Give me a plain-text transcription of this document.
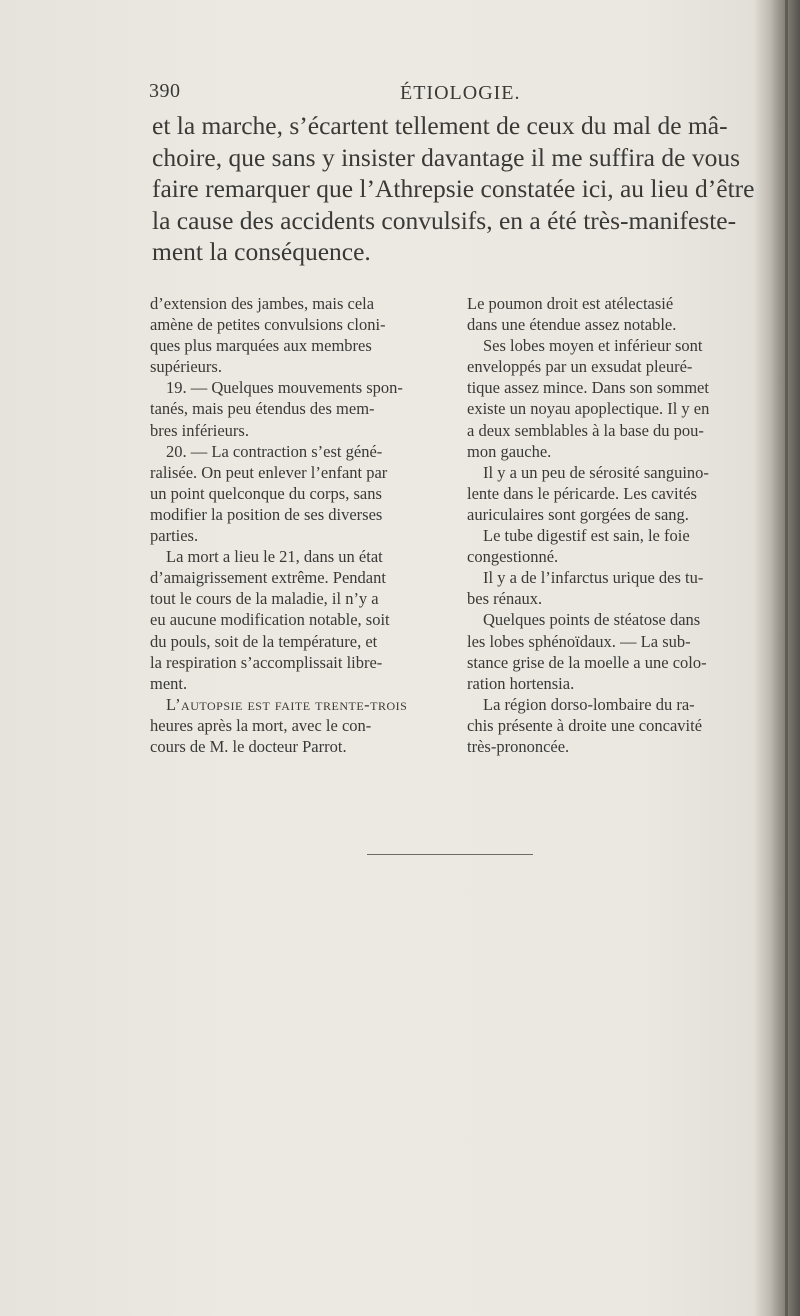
390	ÉTIOLOGIE.

et la marche, s’écartent tellement de ceux du mal de mâ-
choire, que sans y insister davantage il me suffira de vous
faire remarquer que l’Athrepsie constatée ici, au lieu d’être
la cause des accidents convulsifs, en a été très-manifeste-
ment la conséquence.

d’extension des jambes, mais cela
amène de petites convulsions cloni-
ques plus marquées aux membres
supérieurs.
19. — Quelques mouvements spon-
tanés, mais peu étendus des mem-
bres inférieurs.
20. — La contraction s’est géné-
ralisée. On peut enlever l’enfant par
un point quelconque du corps, sans
modifier la position de ses diverses
parties.
La mort a lieu le 21, dans un état
d’amaigrissement extrême. Pendant
tout le cours de la maladie, il n’y a
eu aucune modification notable, soit
du pouls, soit de la température, et
la respiration s’accomplissait libre-
ment.
L’autopsie est faite trente-trois
heures après la mort, avec le con-
cours de M. le docteur Parrot.

Le poumon droit est atélectasié
dans une étendue assez notable.
Ses lobes moyen et inférieur sont
enveloppés par un exsudat pleuré-
tique assez mince. Dans son sommet
existe un noyau apoplectique. Il y en
a deux semblables à la base du pou-
mon gauche.
Il y a un peu de sérosité sanguino-
lente dans le péricarde. Les cavités
auriculaires sont gorgées de sang.
Le tube digestif est sain, le foie
congestionné.
Il y a de l’infarctus urique des tu-
bes rénaux.
Quelques points de stéatose dans
les lobes sphénoïdaux. — La sub-
stance grise de la moelle a une colo-
ration hortensia.
La région dorso-lombaire du ra-
chis présente à droite une concavité
très-prononcée.
